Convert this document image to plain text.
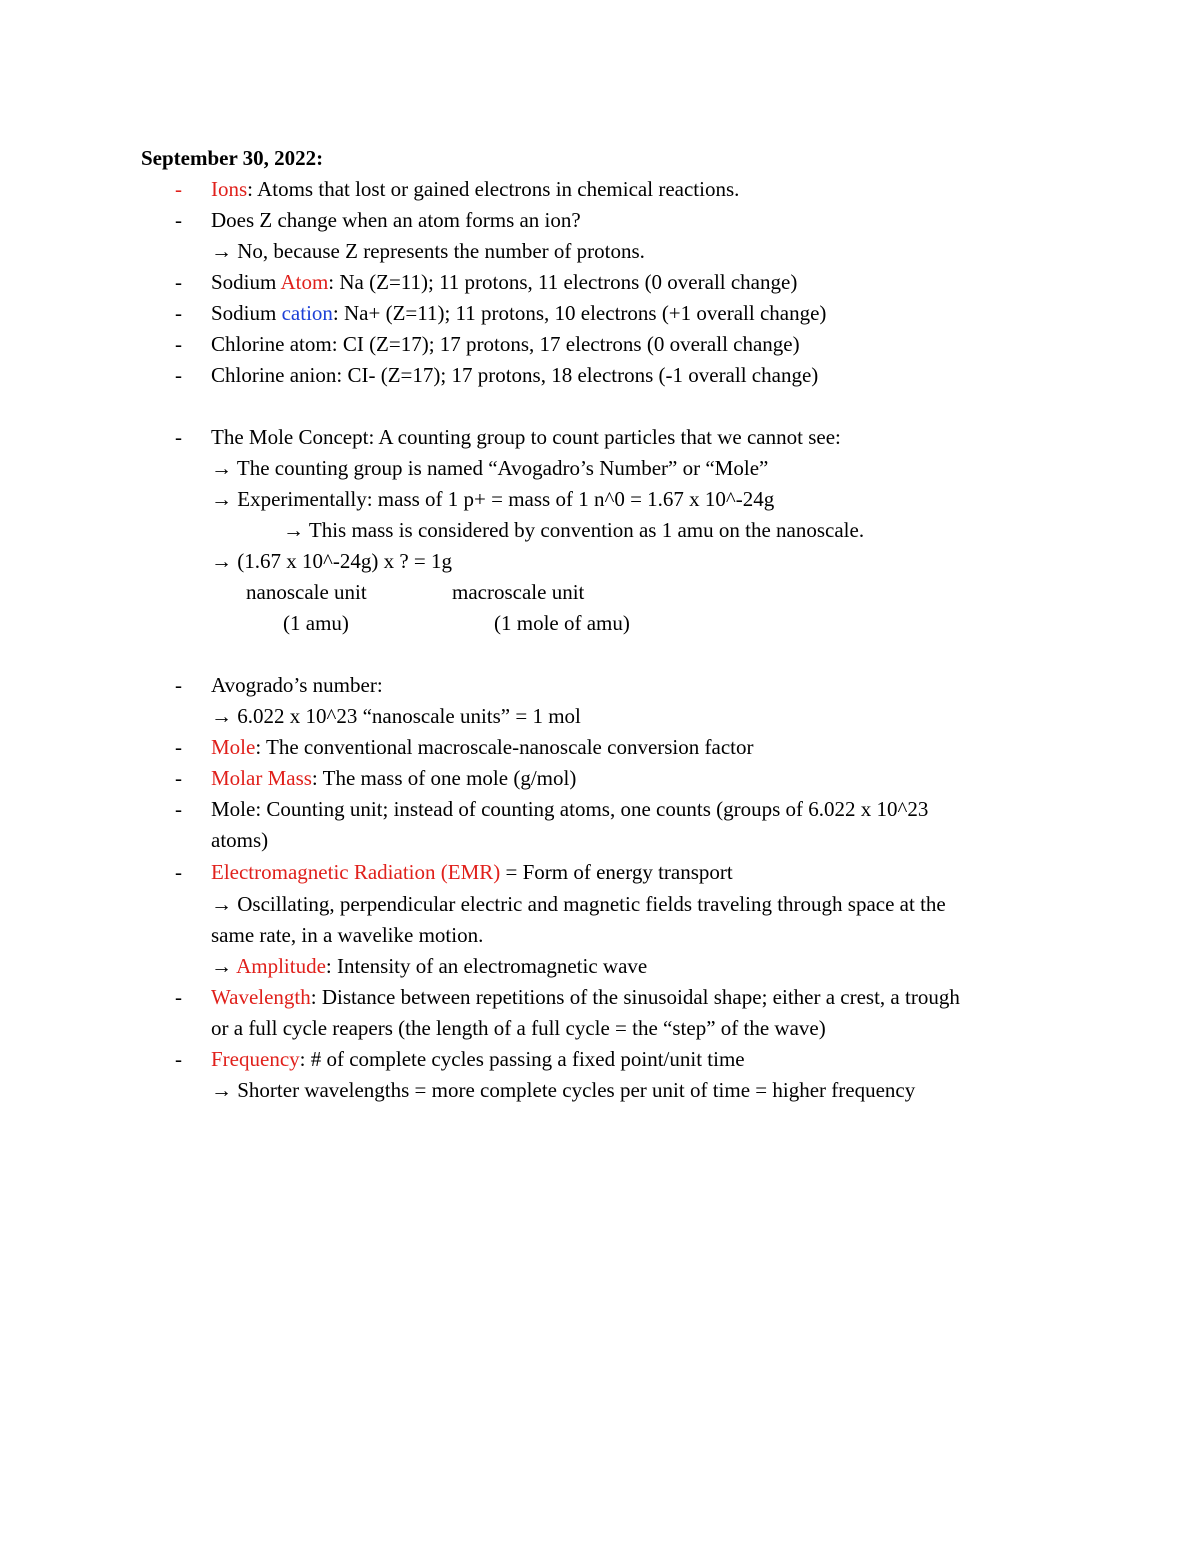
September 30, 2022:
- Ions: Atoms that lost or gained electrons in chemical reactions.
- Does Z change when an atom forms an ion?
→ No, because Z represents the number of protons.
- Sodium Atom: Na (Z=11); 11 protons, 11 electrons (0 overall change)
- Sodium cation: Na+ (Z=11); 11 protons, 10 electrons (+1 overall change)
- Chlorine atom: CI (Z=17); 17 protons, 17 electrons (0 overall change)
- Chlorine anion: CI- (Z=17); 17 protons, 18 electrons (-1 overall change)
- The Mole Concept: A counting group to count particles that we cannot see:
→ The counting group is named “Avogadro’s Number” or “Mole”
→ Experimentally: mass of 1 p+ = mass of 1 n^0 = 1.67 x 10^-24g
→ This mass is considered by convention as 1 amu on the nanoscale.
→ (1.67 x 10^-24g) x ? = 1g
nanoscale unit	macroscale unit
(1 amu)	(1 mole of amu)
- Avogrado’s number:
→ 6.022 x 10^23 “nanoscale units” = 1 mol
- Mole: The conventional macroscale-nanoscale conversion factor
- Molar Mass: The mass of one mole (g/mol)
- Mole: Counting unit; instead of counting atoms, one counts (groups of 6.022 x 10^23
atoms)
- Electromagnetic Radiation (EMR) = Form of energy transport
→ Oscillating, perpendicular electric and magnetic fields traveling through space at the
same rate, in a wavelike motion.
→ Amplitude: Intensity of an electromagnetic wave
- Wavelength: Distance between repetitions of the sinusoidal shape; either a crest, a trough
or a full cycle reapers (the length of a full cycle = the “step” of the wave)
- Frequency: # of complete cycles passing a fixed point/unit time
→ Shorter wavelengths = more complete cycles per unit of time = higher frequency
